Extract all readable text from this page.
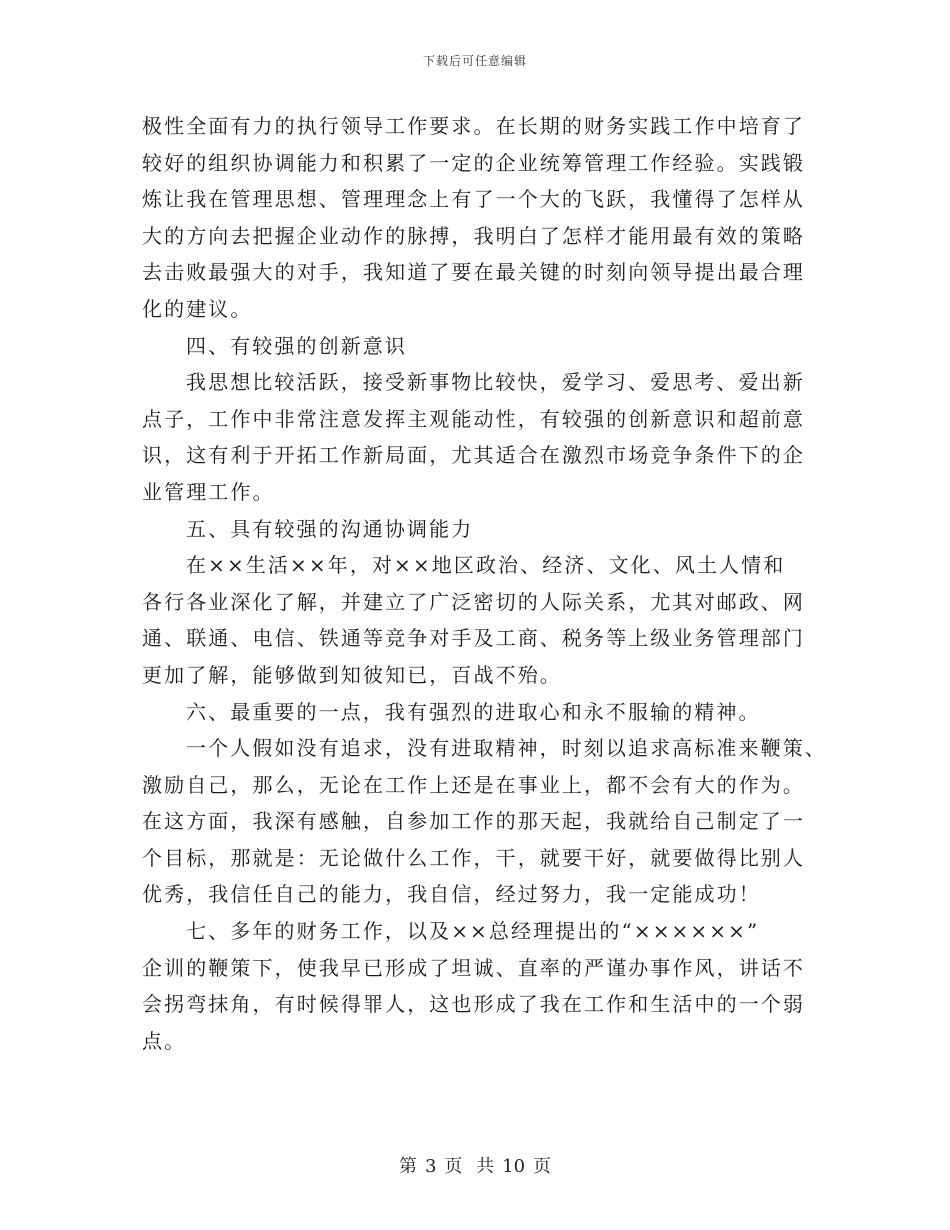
下载后可任意编辑
极性全面有力的执行领导工作要求。在长期的财务实践工作中培育了
较好的组织协调能力和积累了一定的企业统筹管理工作经验。实践锻
炼让我在管理思想、管理理念上有了一个大的飞跃，我懂得了怎样从
大的方向去把握企业动作的脉搏，我明白了怎样才能用最有效的策略
去击败最强大的对手，我知道了要在最关键的时刻向领导提出最合理
化的建议。
四、有较强的创新意识
我思想比较活跃，接受新事物比较快，爱学习、爱思考、爱出新
点子，工作中非常注意发挥主观能动性，有较强的创新意识和超前意
识，这有利于开拓工作新局面，尤其适合在激烈市场竞争条件下的企
业管理工作。
五、具有较强的沟通协调能力
在××生活××年，对××地区政治、经济、文化、风土人情和
各行各业深化了解，并建立了广泛密切的人际关系，尤其对邮政、网
通、联通、电信、铁通等竞争对手及工商、税务等上级业务管理部门
更加了解，能够做到知彼知已，百战不殆。
六、最重要的一点，我有强烈的进取心和永不服输的精神。
一个人假如没有追求，没有进取精神，时刻以追求高标准来鞭策、
激励自己，那么，无论在工作上还是在事业上，都不会有大的作为。
在这方面，我深有感触，自参加工作的那天起，我就给自己制定了一
个目标，那就是：无论做什么工作，干，就要干好，就要做得比别人
优秀，我信任自己的能力，我自信，经过努力，我一定能成功！
七、多年的财务工作，以及××总经理提出的“××××××”
企训的鞭策下，使我早已形成了坦诚、直率的严谨办事作风，讲话不
会拐弯抹角，有时候得罪人，这也形成了我在工作和生活中的一个弱
点。
第 3 页 共 10 页
